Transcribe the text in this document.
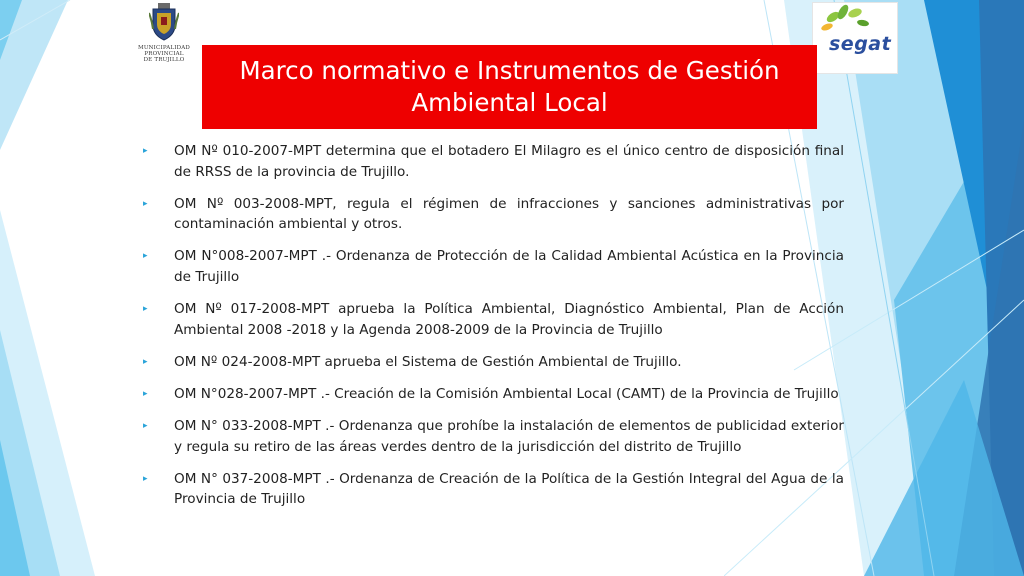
MUNICIPALIDAD
PROVINCIAL
DE TRUJILLO
segat
Marco normativo e Instrumentos de Gestión Ambiental Local
▸ OM Nº 010-2007-MPT determina que el botadero El Milagro es el único centro de disposición final de RRSS de la provincia de Trujillo.
▸ OM Nº 003-2008-MPT, regula el régimen de infracciones y sanciones administrativas por contaminación ambiental y otros.
▸ OM N°008-2007-MPT .- Ordenanza de Protección de la Calidad Ambiental Acústica en la Provincia de Trujillo
▸ OM Nº 017-2008-MPT aprueba la Política Ambiental, Diagnóstico Ambiental, Plan de Acción Ambiental 2008 -2018 y la Agenda 2008-2009 de la Provincia de Trujillo
▸ OM Nº 024-2008-MPT aprueba el Sistema de Gestión Ambiental de Trujillo.
▸ OM N°028-2007-MPT .- Creación de la Comisión Ambiental Local (CAMT) de la Provincia de Trujillo
▸ OM N° 033-2008-MPT .- Ordenanza que prohíbe la instalación de elementos de publicidad exterior y regula su retiro de las áreas verdes dentro de la jurisdicción del distrito de Trujillo
▸ OM N° 037-2008-MPT .- Ordenanza de Creación de la Política de la Gestión Integral del Agua de la Provincia de Trujillo
